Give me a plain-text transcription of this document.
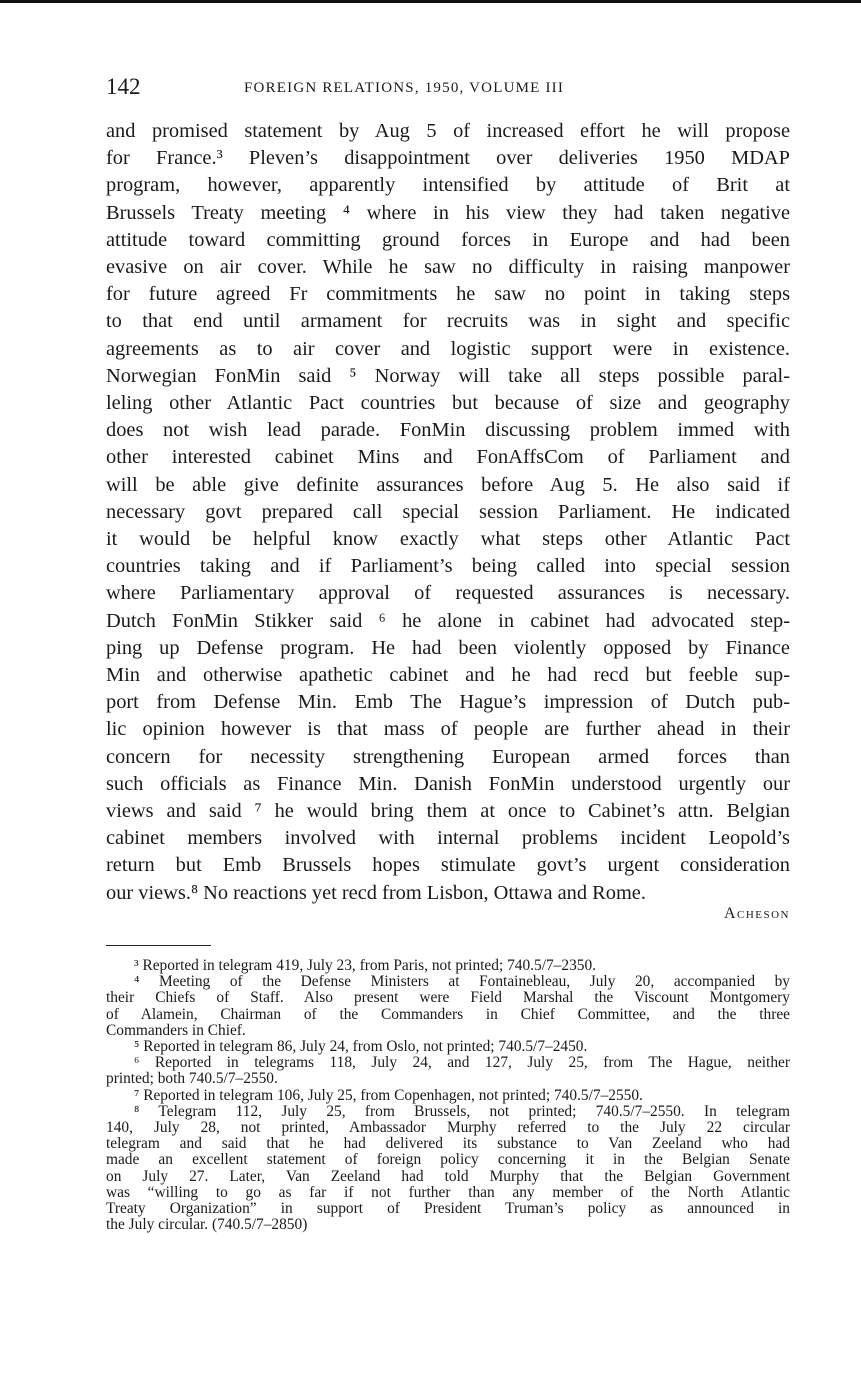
142	FOREIGN RELATIONS, 1950, VOLUME III
and promised statement by Aug 5 of increased effort he will propose
for France.³ Pleven’s disappointment over deliveries 1950 MDAP
program, however, apparently intensified by attitude of Brit at
Brussels Treaty meeting ⁴ where in his view they had taken negative
attitude toward committing ground forces in Europe and had been
evasive on air cover. While he saw no difficulty in raising manpower
for future agreed Fr commitments he saw no point in taking steps
to that end until armament for recruits was in sight and specific
agreements as to air cover and logistic support were in existence.
Norwegian FonMin said ⁵ Norway will take all steps possible paral-
leling other Atlantic Pact countries but because of size and geography
does not wish lead parade. FonMin discussing problem immed with
other interested cabinet Mins and FonAffsCom of Parliament and
will be able give definite assurances before Aug 5. He also said if
necessary govt prepared call special session Parliament. He indicated
it would be helpful know exactly what steps other Atlantic Pact
countries taking and if Parliament’s being called into special session
where Parliamentary approval of requested assurances is necessary.
Dutch FonMin Stikker said ⁶ he alone in cabinet had advocated step-
ping up Defense program. He had been violently opposed by Finance
Min and otherwise apathetic cabinet and he had recd but feeble sup-
port from Defense Min. Emb The Hague’s impression of Dutch pub-
lic opinion however is that mass of people are further ahead in their
concern for necessity strengthening European armed forces than
such officials as Finance Min. Danish FonMin understood urgently our
views and said ⁷ he would bring them at once to Cabinet’s attn. Belgian
cabinet members involved with internal problems incident Leopold’s
return but Emb Brussels hopes stimulate govt’s urgent consideration
our views.⁸ No reactions yet recd from Lisbon, Ottawa and Rome.
Acheson
³ Reported in telegram 419, July 23, from Paris, not printed; 740.5/7–2350.
⁴ Meeting of the Defense Ministers at Fontainebleau, July 20, accompanied by
their Chiefs of Staff. Also present were Field Marshal the Viscount Montgomery
of Alamein, Chairman of the Commanders in Chief Committee, and the three
Commanders in Chief.
⁵ Reported in telegram 86, July 24, from Oslo, not printed; 740.5/7–2450.
⁶ Reported in telegrams 118, July 24, and 127, July 25, from The Hague, neither
printed; both 740.5/7–2550.
⁷ Reported in telegram 106, July 25, from Copenhagen, not printed; 740.5/7–2550.
⁸ Telegram 112, July 25, from Brussels, not printed; 740.5/7–2550. In telegram
140, July 28, not printed, Ambassador Murphy referred to the July 22 circular
telegram and said that he had delivered its substance to Van Zeeland who had
made an excellent statement of foreign policy concerning it in the Belgian Senate
on July 27. Later, Van Zeeland had told Murphy that the Belgian Government
was “willing to go as far if not further than any member of the North Atlantic
Treaty Organization” in support of President Truman’s policy as announced in
the July circular. (740.5/7–2850)
